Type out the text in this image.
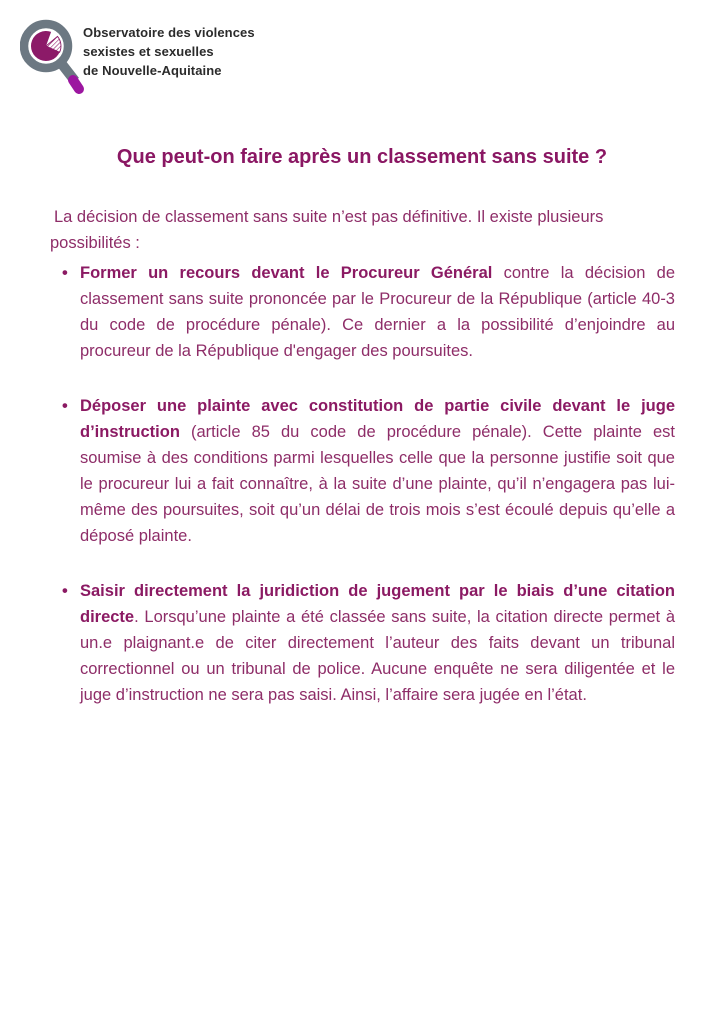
Observatoire des violences
sexistes et sexuelles
de Nouvelle-Aquitaine
Que peut-on faire après un classement sans suite ?

La décision de classement sans suite n’est pas définitive. Il existe plusieurs possibilités :

• Former un recours devant le Procureur Général contre la décision de classement sans suite prononcée par le Procureur de la République (article 40-3 du code de procédure pénale). Ce dernier a la possibilité d’enjoindre au procureur de la République d'engager des poursuites.
• Déposer une plainte avec constitution de partie civile devant le juge d’instruction (article 85 du code de procédure pénale). Cette plainte est soumise à des conditions parmi lesquelles celle que la personne justifie soit que le procureur lui a fait connaître, à la suite d’une plainte, qu’il n’engagera pas lui-même des poursuites, soit qu’un délai de trois mois s’est écoulé depuis qu’elle a déposé plainte.
• Saisir directement la juridiction de jugement par le biais d’une citation directe. Lorsqu’une plainte a été classée sans suite, la citation directe permet à un.e plaignant.e de citer directement l’auteur des faits devant un tribunal correctionnel ou un tribunal de police. Aucune enquête ne sera diligentée et le juge d’instruction ne sera pas saisi. Ainsi, l’affaire sera jugée en l’état.
